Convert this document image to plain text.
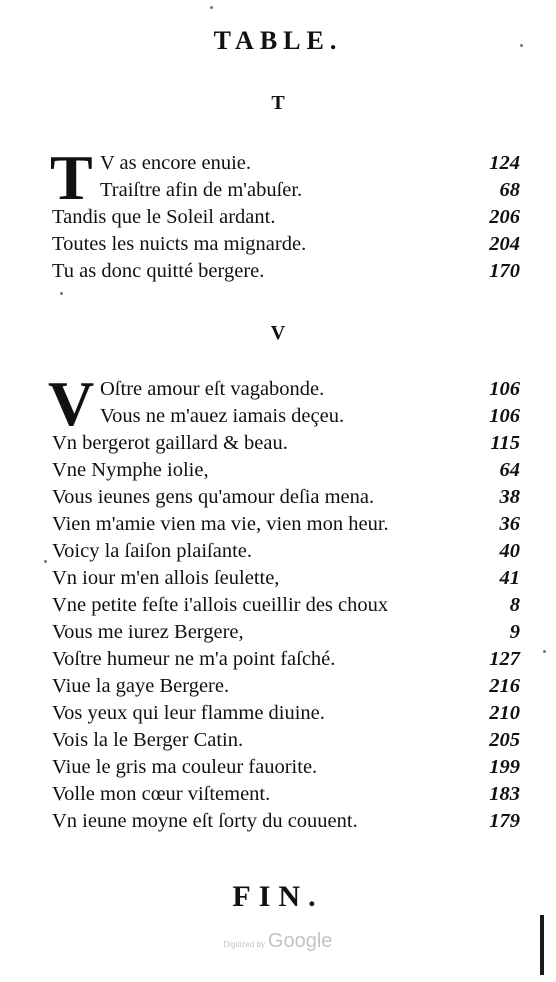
TABLE.
T
T V as encore enuie.	124
Traiſtre afin de m'abuſer.	68
Tandis que le Soleil ardant.	206
Toutes les nuicts ma mignarde.	204
Tu as donc quitté bergere.	170
V
V Oſtre amour eſt vagabonde.	106
Vous ne m'auez iamais deçeu.	106
Vn bergerot gaillard & beau.	115
Vne Nymphe iolie,	64
Vous ieunes gens qu'amour deſia mena.	38
Vien m'amie vien ma vie, vien mon heur.	36
Voicy la ſaiſon plaiſante.	40
Vn iour m'en allois ſeulette,	41
Vne petite feſte i'allois cueillir des choux	8
Vous me iurez Bergere,	9
Voſtre humeur ne m'a point faſché.	127
Viue la gaye Bergere.	216
Vos yeux qui leur flamme diuine.	210
Vois la le Berger Catin.	205
Viue le gris ma couleur fauorite.	199
Volle mon cœur viſtement.	183
Vn ieune moyne eſt ſorty du couuent.	179
FIN.
Digitized by Google
